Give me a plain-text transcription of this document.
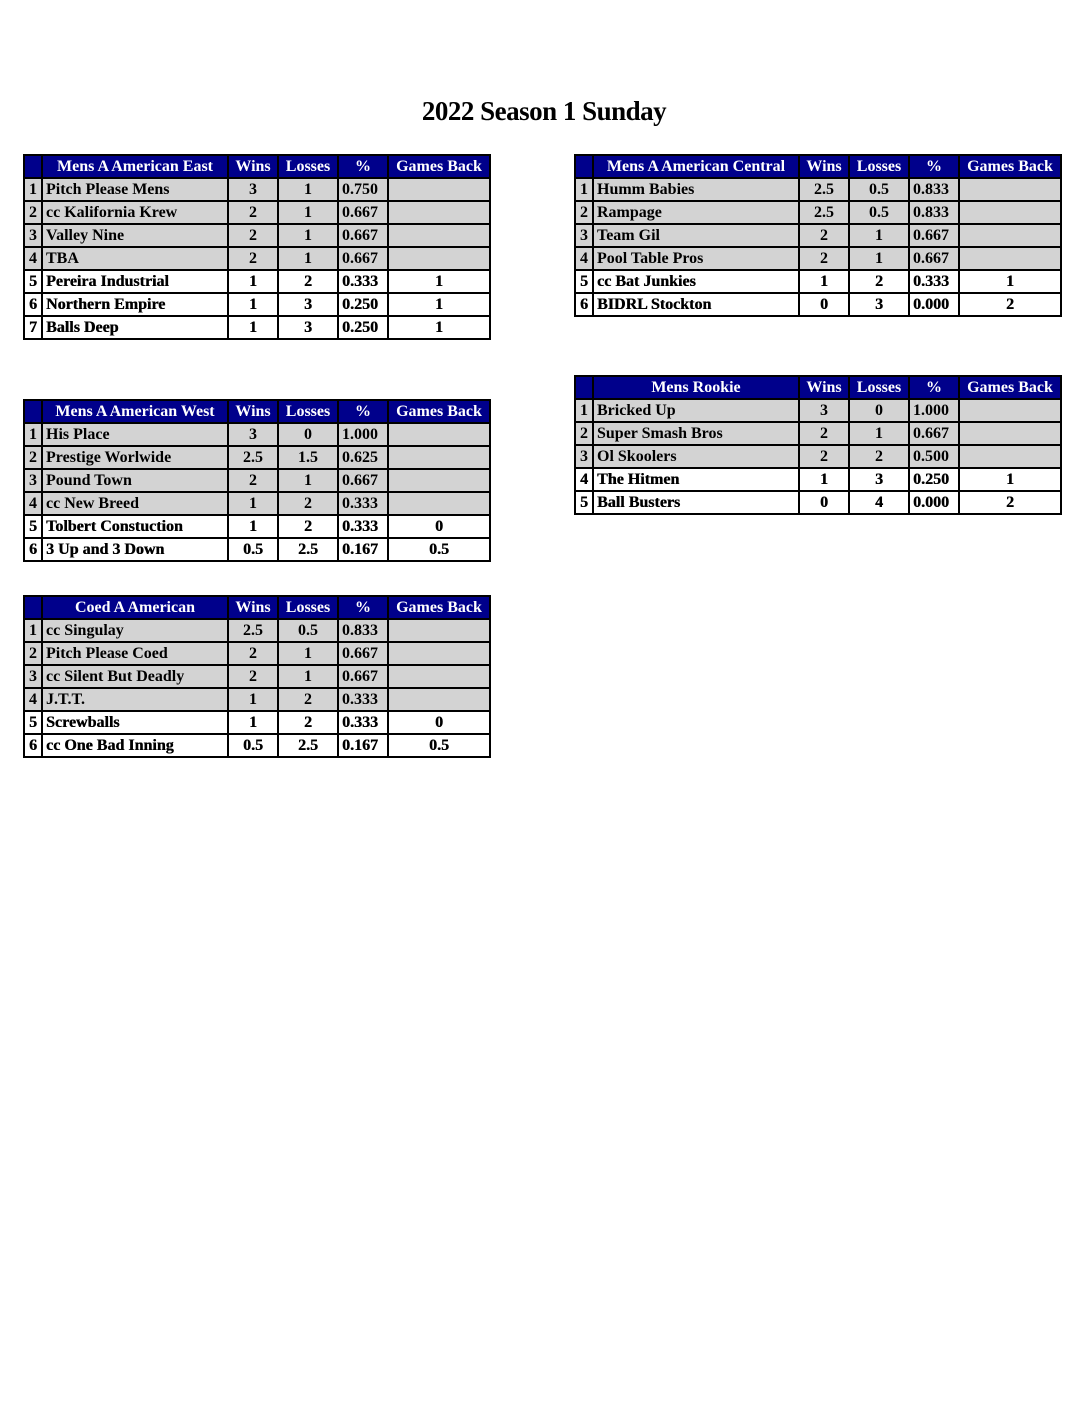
2022 Season 1 Sunday
	Mens A American East	Wins	Losses	%	Games Back
1	Pitch Please Mens	3	1	0.750	
2	cc Kalifornia Krew	2	1	0.667	
3	Valley Nine	2	1	0.667	
4	TBA	2	1	0.667	
5	Pereira Industrial	1	2	0.333	1
6	Northern Empire	1	3	0.250	1
7	Balls Deep	1	3	0.250	1
	Mens A American Central	Wins	Losses	%	Games Back
1	Humm Babies	2.5	0.5	0.833	
2	Rampage	2.5	0.5	0.833	
3	Team Gil	2	1	0.667	
4	Pool Table Pros	2	1	0.667	
5	cc Bat Junkies	1	2	0.333	1
6	BIDRL Stockton	0	3	0.000	2
	Mens A American West	Wins	Losses	%	Games Back
1	His Place	3	0	1.000	
2	Prestige Worlwide	2.5	1.5	0.625	
3	Pound Town	2	1	0.667	
4	cc New Breed	1	2	0.333	
5	Tolbert Constuction	1	2	0.333	0
6	3 Up and 3 Down	0.5	2.5	0.167	0.5
	Mens Rookie	Wins	Losses	%	Games Back
1	Bricked Up	3	0	1.000	
2	Super Smash Bros	2	1	0.667	
3	Ol Skoolers	2	2	0.500	
4	The Hitmen	1	3	0.250	1
5	Ball Busters	0	4	0.000	2
	Coed A American	Wins	Losses	%	Games Back
1	cc Singulay	2.5	0.5	0.833	
2	Pitch Please Coed	2	1	0.667	
3	cc Silent But Deadly	2	1	0.667	
4	J.T.T.	1	2	0.333	
5	Screwballs	1	2	0.333	0
6	cc One Bad Inning	0.5	2.5	0.167	0.5
